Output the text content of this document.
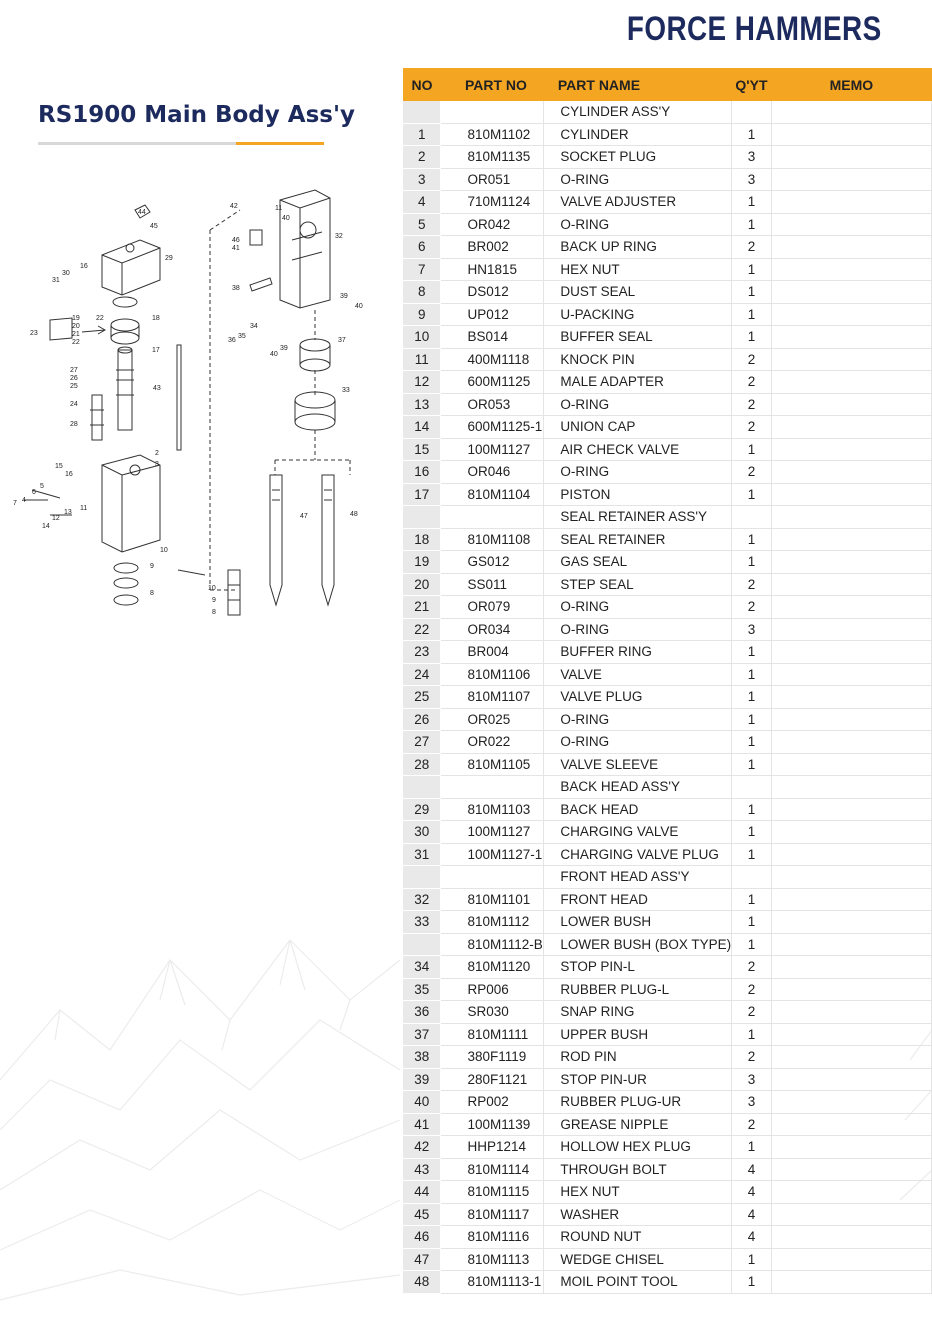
FORCE HAMMERS
RS1900 Main Body Ass'y
44
45
29
16
30
31
22	18
19
20
21
22
23
17
43
27
26
25
24
28
2
3
15
16
5
6
4
7
12
13
11
14
10
9
8
10
9
8
42	11
40
32
46
41
38
39
40
34
35
36
39
40
37
33
47	48
NO	PART NO	PART NAME	Q'YT	MEMO
		CYLINDER ASS'Y		
1	810M1102	CYLINDER	1	
2	810M1135	SOCKET PLUG	3	
3	OR051	O-RING	3	
4	710M1124	VALVE ADJUSTER	1	
5	OR042	O-RING	1	
6	BR002	BACK UP RING	2	
7	HN1815	HEX NUT	1	
8	DS012	DUST SEAL	1	
9	UP012	U-PACKING	1	
10	BS014	BUFFER SEAL	1	
11	400M1118	KNOCK PIN	2	
12	600M1125	MALE ADAPTER	2	
13	OR053	O-RING	2	
14	600M1125-1	UNION CAP	2	
15	100M1127	AIR CHECK VALVE	1	
16	OR046	O-RING	2	
17	810M1104	PISTON	1	
		SEAL RETAINER ASS'Y		
18	810M1108	SEAL RETAINER	1	
19	GS012	GAS SEAL	1	
20	SS011	STEP SEAL	2	
21	OR079	O-RING	2	
22	OR034	O-RING	3	
23	BR004	BUFFER RING	1	
24	810M1106	VALVE	1	
25	810M1107	VALVE PLUG	1	
26	OR025	O-RING	1	
27	OR022	O-RING	1	
28	810M1105	VALVE SLEEVE	1	
		BACK HEAD ASS'Y		
29	810M1103	BACK HEAD	1	
30	100M1127	CHARGING VALVE	1	
31	100M1127-1	CHARGING VALVE PLUG	1	
		FRONT HEAD ASS'Y		
32	810M1101	FRONT HEAD	1	
33	810M1112	LOWER BUSH	1	
	810M1112-B	LOWER BUSH (BOX TYPE)	1	
34	810M1120	STOP PIN-L	2	
35	RP006	RUBBER PLUG-L	2	
36	SR030	SNAP RING	2	
37	810M1111	UPPER BUSH	1	
38	380F1119	ROD PIN	2	
39	280F1121	STOP PIN-UR	3	
40	RP002	RUBBER PLUG-UR	3	
41	100M1139	GREASE NIPPLE	2	
42	HHP1214	HOLLOW HEX PLUG	1	
43	810M1114	THROUGH BOLT	4	
44	810M1115	HEX NUT	4	
45	810M1117	WASHER	4	
46	810M1116	ROUND NUT	4	
47	810M1113	WEDGE CHISEL	1	
48	810M1113-1	MOIL POINT TOOL	1	
